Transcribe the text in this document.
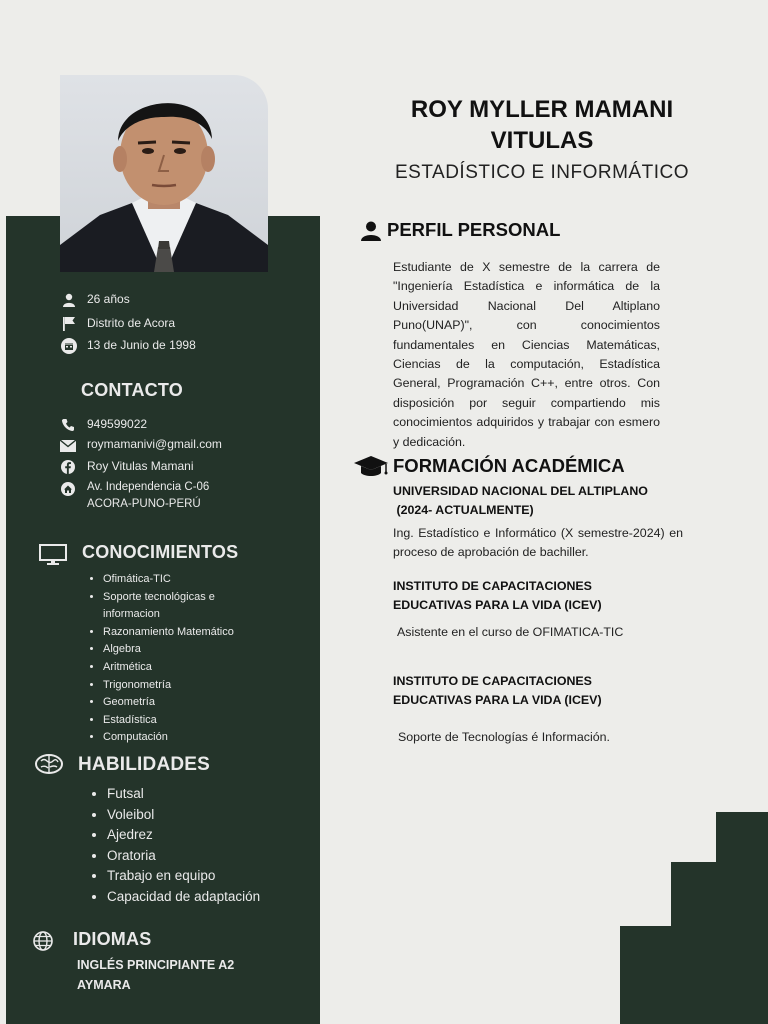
26 años
Distrito de Acora
13 de Junio de 1998
CONTACTO
949599022
roymamanivi@gmail.com
Roy Vitulas Mamani
Av. Independencia C-06
ACORA-PUNO-PERÚ
CONOCIMIENTOS
• Ofimática-TIC
• Soporte tecnológicas e
informacion
• Razonamiento Matemático
• Algebra
• Aritmética
• Trigonometría
• Geometría
• Estadística
• Computación
HABILIDADES
• Futsal
• Voleibol
• Ajedrez
• Oratoria
• Trabajo en equipo
• Capacidad de adaptación
IDIOMAS
INGLÉS PRINCIPIANTE A2
AYMARA
ROY MYLLER MAMANI VITULAS
ESTADÍSTICO E INFORMÁTICO
PERFIL PERSONAL

Estudiante de X semestre de la carrera de "Ingeniería Estadística e informática de la Universidad Nacional Del Altiplano Puno(UNAP)", con conocimientos fundamentales en Ciencias Matemáticas, Ciencias de la computación, Estadística General, Programación C++, entre otros. Con disposición por seguir compartiendo mis conocimientos adquiridos y trabajar con esmero y dedicación.

FORMACIÓN ACADÉMICA
UNIVERSIDAD NACIONAL DEL ALTIPLANO
(2024- ACTUALMENTE)

Ing. Estadístico e Informático (X semestre-2024) en proceso de aprobación de bachiller.

INSTITUTO DE CAPACITACIONES
EDUCATIVAS PARA LA VIDA (ICEV)
Asistente en el curso de OFIMATICA-TIC
INSTITUTO DE CAPACITACIONES
EDUCATIVAS PARA LA VIDA (ICEV)
Soporte de Tecnologías é Información.
